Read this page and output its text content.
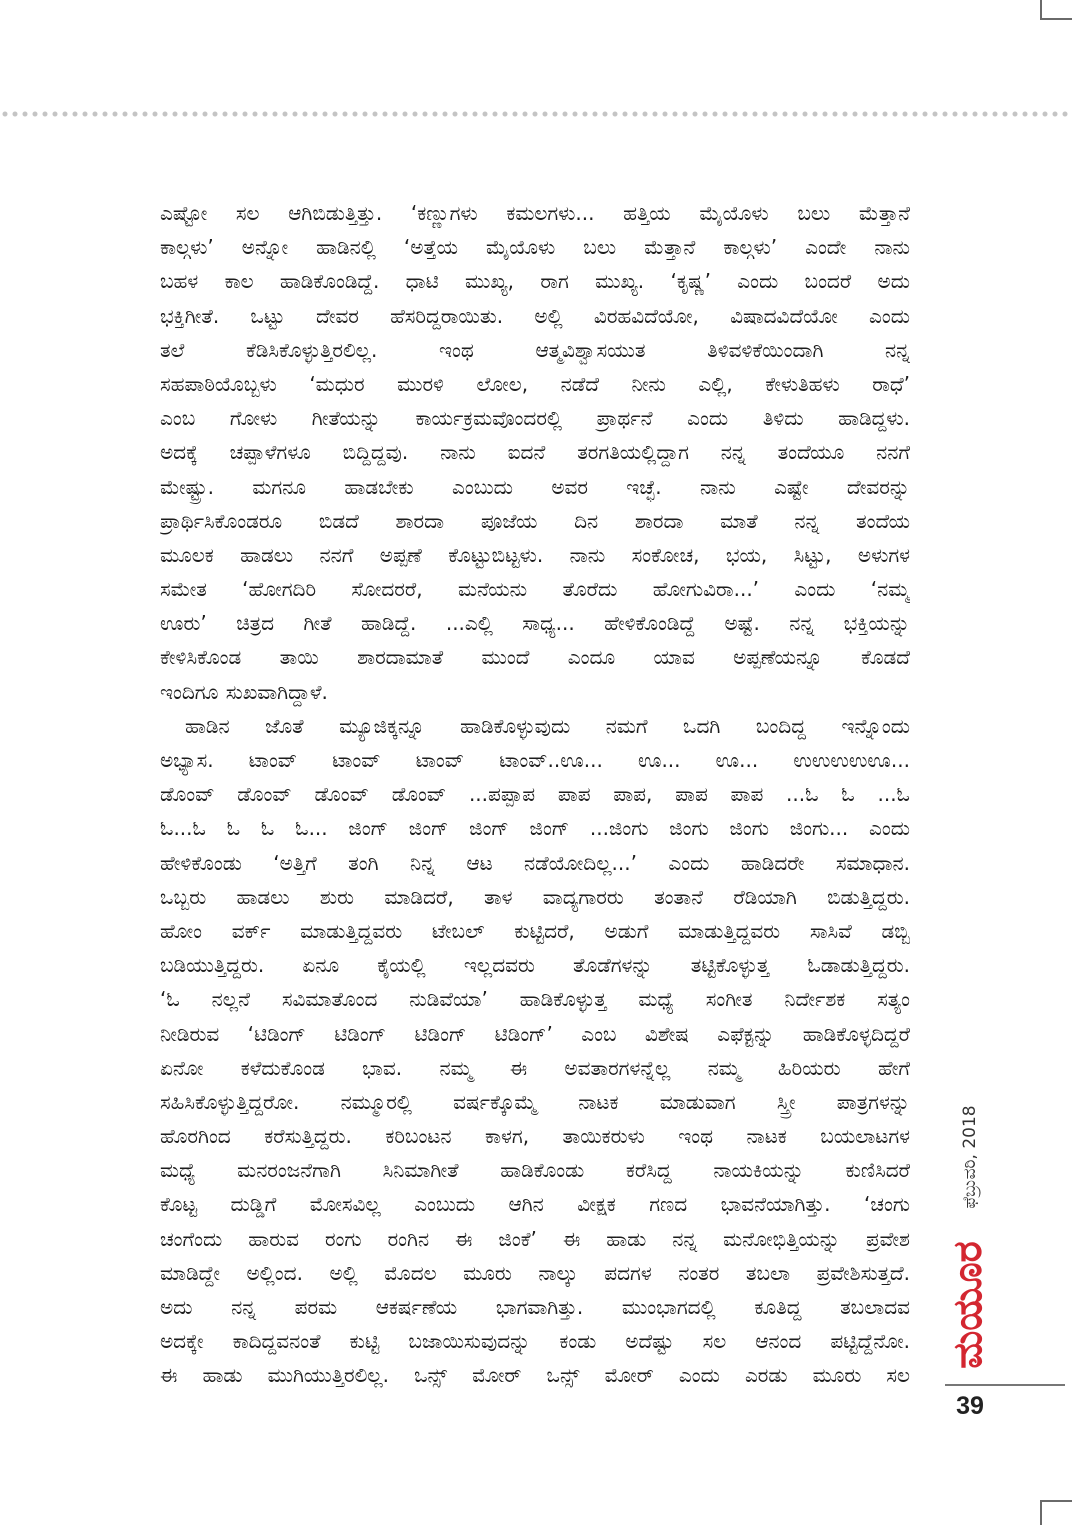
ಎಷ್ಟೋ ಸಲ ಆಗಿಬಿಡುತ್ತಿತ್ತು. ‘ಕಣ್ಣುಗಳು ಕಮಲಗಳು... ಹತ್ತಿಯ ಮೈಯೊಳು ಬಲು ಮೆತ್ತಾನೆ
ಕಾಲ್ಗಳು’ ಅನ್ನೋ ಹಾಡಿನಲ್ಲಿ ‘ಅತ್ತೆಯ ಮೈಯೊಳು ಬಲು ಮೆತ್ತಾನೆ ಕಾಲ್ಗಳು’ ಎಂದೇ ನಾನು
ಬಹಳ ಕಾಲ ಹಾಡಿಕೊಂಡಿದ್ದೆ. ಧಾಟಿ ಮುಖ್ಯ, ರಾಗ ಮುಖ್ಯ. ‘ಕೃಷ್ಣ’ ಎಂದು ಬಂದರೆ ಅದು
ಭಕ್ತಿಗೀತೆ. ಒಟ್ಟು ದೇವರ ಹೆಸರಿದ್ದರಾಯಿತು. ಅಲ್ಲಿ ವಿರಹವಿದೆಯೋ, ವಿಷಾದವಿದೆಯೋ ಎಂದು
ತಲೆ ಕೆಡಿಸಿಕೊಳ್ಳುತ್ತಿರಲಿಲ್ಲ. ಇಂಥ ಆತ್ಮವಿಶ್ವಾಸಯುತ ತಿಳಿವಳಿಕೆಯಿಂದಾಗಿ ನನ್ನ
ಸಹಪಾಠಿಯೊಬ್ಬಳು ‘ಮಧುರ ಮುರಳಿ ಲೋಲ, ನಡೆದೆ ನೀನು ಎಲ್ಲಿ, ಕೇಳುತಿಹಳು ರಾಧೆ’
ಎಂಬ ಗೋಳು ಗೀತೆಯನ್ನು ಕಾರ್ಯಕ್ರಮವೊಂದರಲ್ಲಿ ಪ್ರಾರ್ಥನೆ ಎಂದು ತಿಳಿದು ಹಾಡಿದ್ದಳು.
ಅದಕ್ಕೆ ಚಪ್ಪಾಳೆಗಳೂ ಬಿದ್ದಿದ್ದವು. ನಾನು ಐದನೆ ತರಗತಿಯಲ್ಲಿದ್ದಾಗ ನನ್ನ ತಂದೆಯೂ ನನಗೆ
ಮೇಷ್ಟ್ರು. ಮಗನೂ ಹಾಡಬೇಕು ಎಂಬುದು ಅವರ ಇಚ್ಛೆ. ನಾನು ಎಷ್ಟೇ ದೇವರನ್ನು
ಪ್ರಾರ್ಥಿಸಿಕೊಂಡರೂ ಬಿಡದೆ ಶಾರದಾ ಪೂಜೆಯ ದಿನ ಶಾರದಾ ಮಾತೆ ನನ್ನ ತಂದೆಯ
ಮೂಲಕ ಹಾಡಲು ನನಗೆ ಅಪ್ಪಣೆ ಕೊಟ್ಟುಬಿಟ್ಟಳು. ನಾನು ಸಂಕೋಚ, ಭಯ, ಸಿಟ್ಟು, ಅಳುಗಳ
ಸಮೇತ ‘ಹೋಗದಿರಿ ಸೋದರರೆ, ಮನೆಯನು ತೊರೆದು ಹೋಗುವಿರಾ...’ ಎಂದು ‘ನಮ್ಮ
ಊರು’ ಚಿತ್ರದ ಗೀತೆ ಹಾಡಿದ್ದೆ. ...ಎಲ್ಲಿ ಸಾಧ್ಯ... ಹೇಳಿಕೊಂಡಿದ್ದೆ ಅಷ್ಟೆ. ನನ್ನ ಭಕ್ತಿಯನ್ನು
ಕೇಳಿಸಿಕೊಂಡ ತಾಯಿ ಶಾರದಾಮಾತೆ ಮುಂದೆ ಎಂದೂ ಯಾವ ಅಪ್ಪಣೆಯನ್ನೂ ಕೊಡದೆ
ಇಂದಿಗೂ ಸುಖವಾಗಿದ್ದಾಳೆ.
ಹಾಡಿನ ಜೊತೆ ಮ್ಯೂಜಿಕ್ಕನ್ನೂ ಹಾಡಿಕೊಳ್ಳುವುದು ನಮಗೆ ಒದಗಿ ಬಂದಿದ್ದ ಇನ್ನೊಂದು
ಅಭ್ಯಾಸ. ಟಾಂವ್ ಟಾಂವ್ ಟಾಂವ್ ಟಾಂವ್..ಊ... ಊ... ಊ... ಉಉಉಉಊ...
ಡೊಂವ್ ಡೊಂವ್ ಡೊಂವ್ ಡೊಂವ್ ...ಪಪ್ಪಾಪ ಪಾಪ ಪಾಪ, ಪಾಪ ಪಾಪ ...ಓ ಓ ...ಓ
ಓ...ಓ ಓ ಓ ಓ... ಜಿಂಗ್ ಜಿಂಗ್ ಜಿಂಗ್ ಜಿಂಗ್ ...ಜಿಂಗು ಜಿಂಗು ಜಿಂಗು ಜಿಂಗು... ಎಂದು
ಹೇಳಿಕೊಂಡು ‘ಅತ್ತಿಗೆ ತಂಗಿ ನಿನ್ನ ಆಟ ನಡೆಯೋದಿಲ್ಲ...’ ಎಂದು ಹಾಡಿದರೇ ಸಮಾಧಾನ.
ಒಬ್ಬರು ಹಾಡಲು ಶುರು ಮಾಡಿದರೆ, ತಾಳ ವಾದ್ಯಗಾರರು ತಂತಾನೆ ರೆಡಿಯಾಗಿ ಬಿಡುತ್ತಿದ್ದರು.
ಹೋಂ ವರ್ಕ್ ಮಾಡುತ್ತಿದ್ದವರು ಟೇಬಲ್ ಕುಟ್ಟಿದರೆ, ಅಡುಗೆ ಮಾಡುತ್ತಿದ್ದವರು ಸಾಸಿವೆ ಡಬ್ಬಿ
ಬಡಿಯುತ್ತಿದ್ದರು. ಏನೂ ಕೈಯಲ್ಲಿ ಇಲ್ಲದವರು ತೊಡೆಗಳನ್ನು ತಟ್ಟಿಕೊಳ್ಳುತ್ತ ಓಡಾಡುತ್ತಿದ್ದರು.
‘ಓ ನಲ್ಲನೆ ಸವಿಮಾತೊಂದ ನುಡಿವೆಯಾ’ ಹಾಡಿಕೊಳ್ಳುತ್ತ ಮಧ್ಯೆ ಸಂಗೀತ ನಿರ್ದೇಶಕ ಸತ್ಯಂ
ನೀಡಿರುವ ‘ಟಿಡಿಂಗ್ ಟಿಡಿಂಗ್ ಟಿಡಿಂಗ್ ಟಿಡಿಂಗ್’ ಎಂಬ ವಿಶೇಷ ಎಫೆಕ್ಟನ್ನು ಹಾಡಿಕೊಳ್ಳದಿದ್ದರೆ
ಏನೋ ಕಳೆದುಕೊಂಡ ಭಾವ. ನಮ್ಮ ಈ ಅವತಾರಗಳನ್ನೆಲ್ಲ ನಮ್ಮ ಹಿರಿಯರು ಹೇಗೆ
ಸಹಿಸಿಕೊಳ್ಳುತ್ತಿದ್ದರೋ. ನಮ್ಮೂರಲ್ಲಿ ವರ್ಷಕ್ಕೊಮ್ಮೆ ನಾಟಕ ಮಾಡುವಾಗ ಸ್ತ್ರೀ ಪಾತ್ರಗಳನ್ನು
ಹೊರಗಿಂದ ಕರೆಸುತ್ತಿದ್ದರು. ಕರಿಬಂಟನ ಕಾಳಗ, ತಾಯಿಕರುಳು ಇಂಥ ನಾಟಕ ಬಯಲಾಟಗಳ
ಮಧ್ಯೆ ಮನರಂಜನೆಗಾಗಿ ಸಿನಿಮಾಗೀತೆ ಹಾಡಿಕೊಂಡು ಕರೆಸಿದ್ದ ನಾಯಕಿಯನ್ನು ಕುಣಿಸಿದರೆ
ಕೊಟ್ಟ ದುಡ್ಡಿಗೆ ಮೋಸವಿಲ್ಲ ಎಂಬುದು ಆಗಿನ ವೀಕ್ಷಕ ಗಣದ ಭಾವನೆಯಾಗಿತ್ತು. ‘ಚಂಗು
ಚಂಗೆಂದು ಹಾರುವ ರಂಗು ರಂಗಿನ ಈ ಜಿಂಕೆ’ ಈ ಹಾಡು ನನ್ನ ಮನೋಭಿತ್ತಿಯನ್ನು ಪ್ರವೇಶ
ಮಾಡಿದ್ದೇ ಅಲ್ಲಿಂದ. ಅಲ್ಲಿ ಮೊದಲ ಮೂರು ನಾಲ್ಕು ಪದಗಳ ನಂತರ ತಬಲಾ ಪ್ರವೇಶಿಸುತ್ತದೆ.
ಅದು ನನ್ನ ಪರಮ ಆಕರ್ಷಣೆಯ ಭಾಗವಾಗಿತ್ತು. ಮುಂಭಾಗದಲ್ಲಿ ಕೂತಿದ್ದ ತಬಲಾದವ
ಅದಕ್ಕೇ ಕಾದಿದ್ದವನಂತೆ ಕುಟ್ಟಿ ಬಜಾಯಿಸುವುದನ್ನು ಕಂಡು ಅದೆಷ್ಟು ಸಲ ಆನಂದ ಪಟ್ಟಿದ್ದೆನೋ.
ಈ ಹಾಡು ಮುಗಿಯುತ್ತಿರಲಿಲ್ಲ. ಒನ್ಸ್ ಮೋರ್ ಒನ್ಸ್ ಮೋರ್ ಎಂದು ಎರಡು ಮೂರು ಸಲ
ಫೆಬ್ರುವರಿ, 2018
ಮಯೂರ
39
